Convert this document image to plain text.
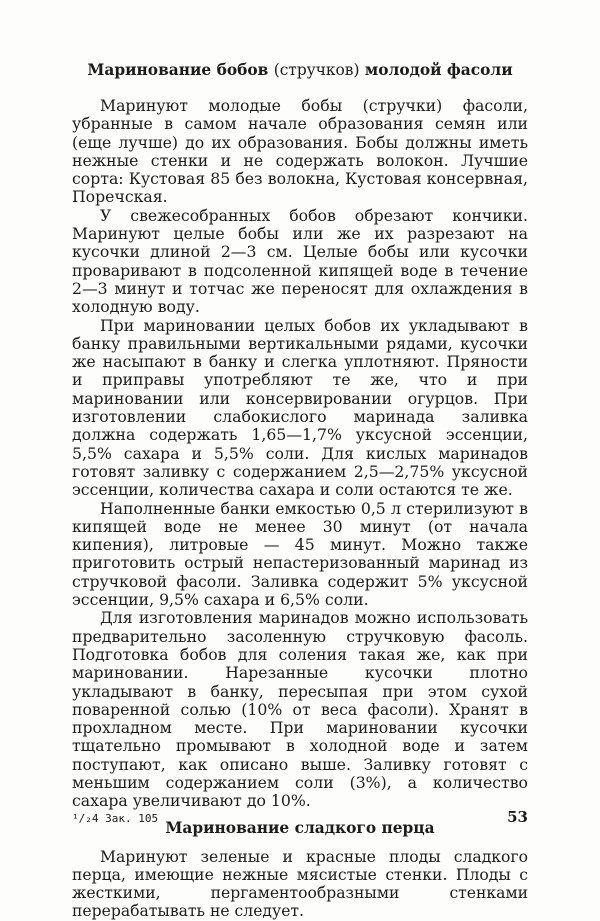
Маринование бобов (стручков) молодой фасоли

Маринуют молодые бобы (стручки) фасоли, убранные в самом начале образования семян или (еще лучше) до их образования. Бобы должны иметь нежные стенки и не содержать волокон. Лучшие сорта: Кустовая 85 без волокна, Кустовая консервная, Поречская.

У свежесобранных бобов обрезают кончики. Маринуют целые бобы или же их разрезают на кусочки длиной 2—3 см. Целые бобы или кусочки проваривают в подсоленной кипящей воде в течение 2—3 минут и тотчас же переносят для охлаждения в холодную воду.

При мариновании целых бобов их укладывают в банку правильными вертикальными рядами, кусочки же насыпают в банку и слегка уплотняют. Пряности и приправы употребляют те же, что и при мариновании или консервировании огурцов. При изготовлении слабокислого маринада заливка должна содержать 1,65—1,7% уксусной эссенции, 5,5% сахара и 5,5% соли. Для кислых маринадов готовят заливку с содержанием 2,5—2,75% уксусной эссенции, количества сахара и соли остаются те же.

Наполненные банки емкостью 0,5 л стерилизуют в кипящей воде не менее 30 минут (от начала кипения), литровые — 45 минут. Можно также приготовить острый непастеризованный маринад из стручковой фасоли. Заливка содержит 5% уксусной эссенции, 9,5% сахара и 6,5% соли.

Для изготовления маринадов можно использовать предварительно засоленную стручковую фасоль. Подготовка бобов для соления такая же, как при мариновании. Нарезанные кусочки плотно укладывают в банку, пересыпая при этом сухой поваренной солью (10% от веса фасоли). Хранят в прохладном месте. При мариновании кусочки тщательно промывают в холодной воде и затем поступают, как описано выше. Заливку готовят с меньшим содержанием соли (3%), а количество сахара увеличивают до 10%.

Маринование сладкого перца

Маринуют зеленые и красные плоды сладкого перца, имеющие нежные мясистые стенки. Плоды с жесткими, пергаментообразными стенками перерабатывать не следует.

¹/₂4 Зак. 105	53
